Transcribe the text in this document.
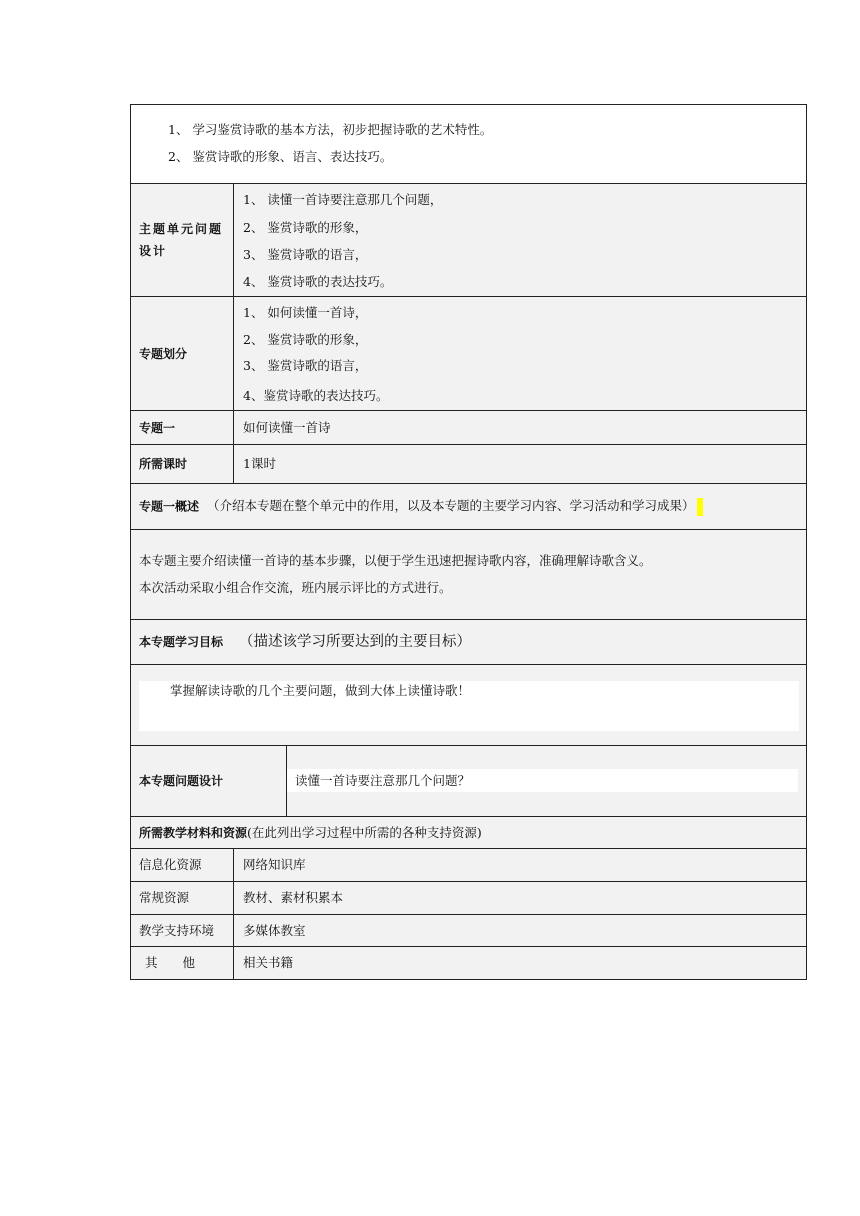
1、 学习鉴赏诗歌的基本方法，初步把握诗歌的艺术特性。
2、 鉴赏诗歌的形象、语言、表达技巧。
主题单元问题设计
1、 读懂一首诗要注意那几个问题，
2、 鉴赏诗歌的形象，
3、 鉴赏诗歌的语言，
4、 鉴赏诗歌的表达技巧。
专题划分
1、 如何读懂一首诗，
2、 鉴赏诗歌的形象，
3、 鉴赏诗歌的语言，
4、鉴赏诗歌的表达技巧。
专题一	如何读懂一首诗
所需课时	1课时
专题一概述 （介绍本专题在整个单元中的作用，以及本专题的主要学习内容、学习活动和学习成果）
本专题主要介绍读懂一首诗的基本步骤，以便于学生迅速把握诗歌内容，准确理解诗歌含义。
本次活动采取小组合作交流，班内展示评比的方式进行。
本专题学习目标 （描述该学习所要达到的主要目标）
掌握解读诗歌的几个主要问题，做到大体上读懂诗歌！
本专题问题设计	读懂一首诗要注意那几个问题？
所需教学材料和资源(在此列出学习过程中所需的各种支持资源)
信息化资源	网络知识库
常规资源	教材、素材积累本
教学支持环境 多媒体教室
其　　他	相关书籍
